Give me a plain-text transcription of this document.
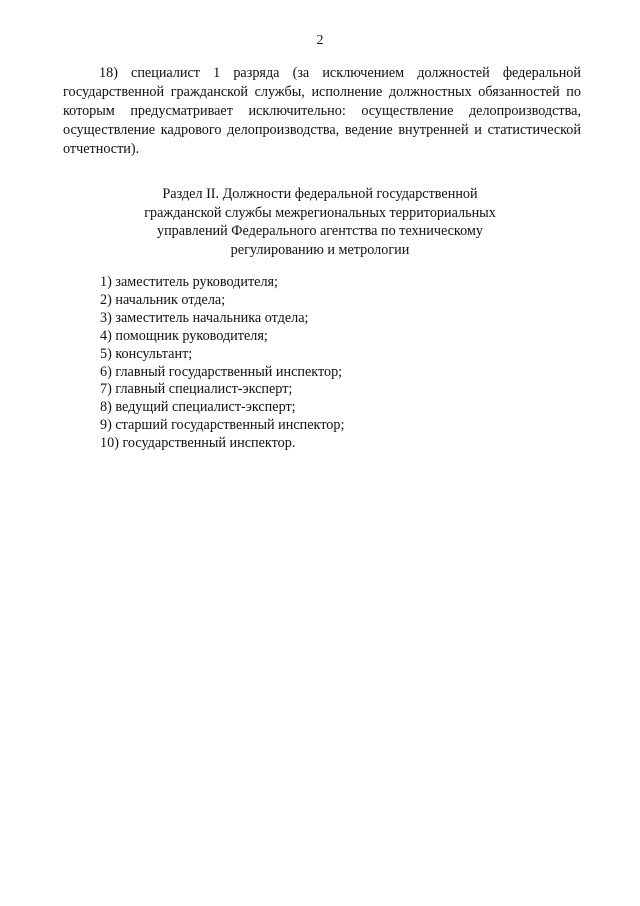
2

18) специалист 1 разряда (за исключением должностей федеральной государственной гражданской службы, исполнение должностных обязанностей по которым предусматривает исключительно: осуществление делопроизводства, осуществление кадрового делопроизводства, ведение внутренней и статистической отчетности).

Раздел II. Должности федеральной государственной
гражданской службы межрегиональных территориальных
управлений Федерального агентства по техническому
регулированию и метрологии
1) заместитель руководителя;
2) начальник отдела;
3) заместитель начальника отдела;
4) помощник руководителя;
5) консультант;
6) главный государственный инспектор;
7) главный специалист-эксперт;
8) ведущий специалист-эксперт;
9) старший государственный инспектор;
10) государственный инспектор.
